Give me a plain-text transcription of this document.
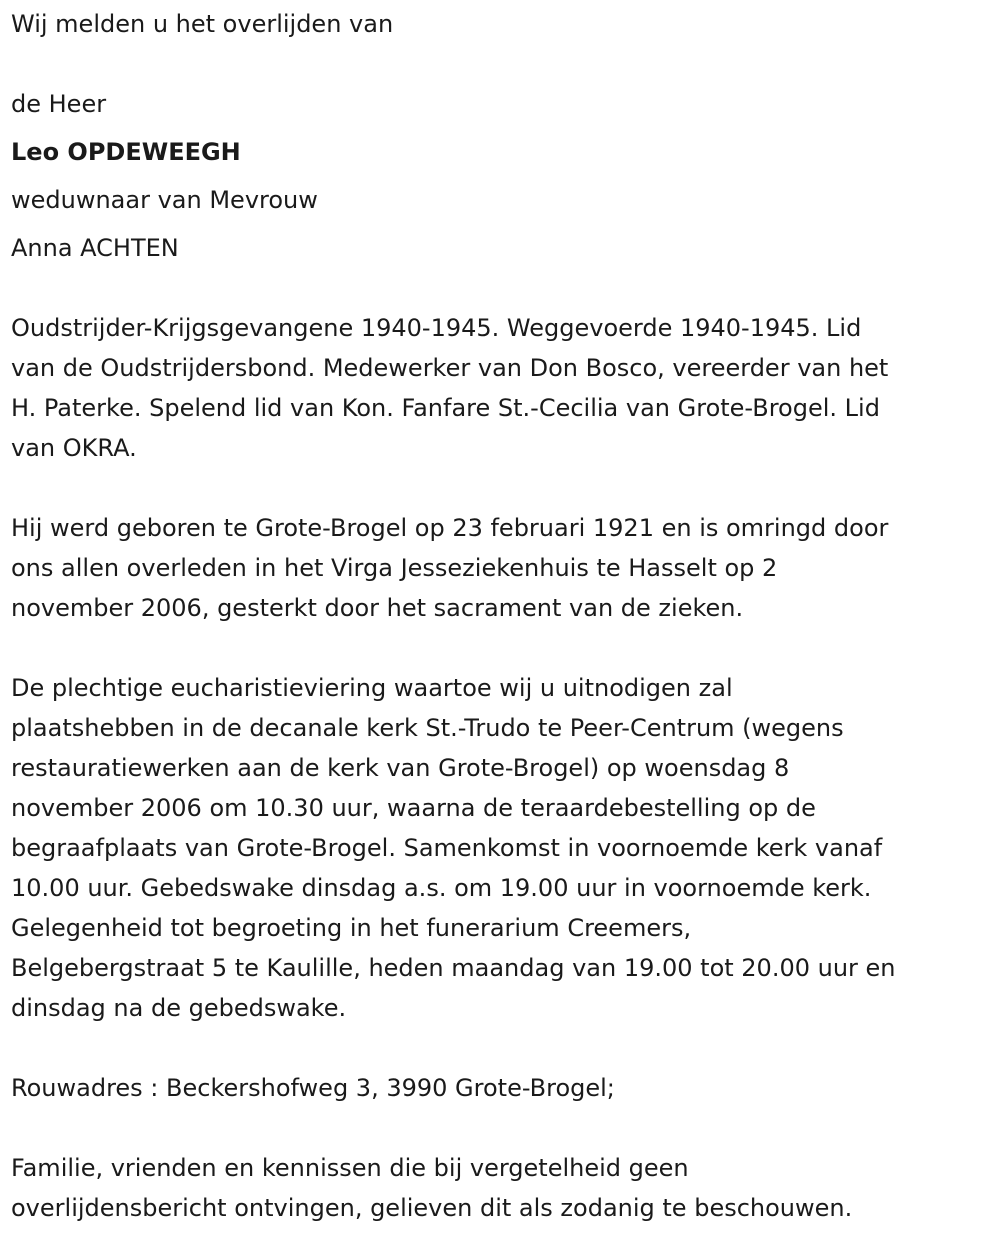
Wij melden u het overlijden van

de Heer

Leo OPDEWEEGH

weduwnaar van Mevrouw

Anna ACHTEN

Oudstrijder-Krijgsgevangene 1940-1945. Weggevoerde 1940-1945. Lid

van de Oudstrijdersbond. Medewerker van Don Bosco, vereerder van het

H. Paterke. Spelend lid van Kon. Fanfare St.-Cecilia van Grote-Brogel. Lid

van OKRA.

Hij werd geboren te Grote-Brogel op 23 februari 1921 en is omringd door

ons allen overleden in het Virga Jesseziekenhuis te Hasselt op 2

november 2006, gesterkt door het sacrament van de zieken.

De plechtige eucharistieviering waartoe wij u uitnodigen zal

plaatshebben in de decanale kerk St.-Trudo te Peer-Centrum (wegens

restauratiewerken aan de kerk van Grote-Brogel) op woensdag 8

november 2006 om 10.30 uur, waarna de teraardebestelling op de

begraafplaats van Grote-Brogel. Samenkomst in voornoemde kerk vanaf

10.00 uur. Gebedswake dinsdag a.s. om 19.00 uur in voornoemde kerk.

Gelegenheid tot begroeting in het funerarium Creemers,

Belgebergstraat 5 te Kaulille, heden maandag van 19.00 tot 20.00 uur en

dinsdag na de gebedswake.

Rouwadres : Beckershofweg 3, 3990 Grote-Brogel;

Familie, vrienden en kennissen die bij vergetelheid geen

overlijdensbericht ontvingen, gelieven dit als zodanig te beschouwen.
